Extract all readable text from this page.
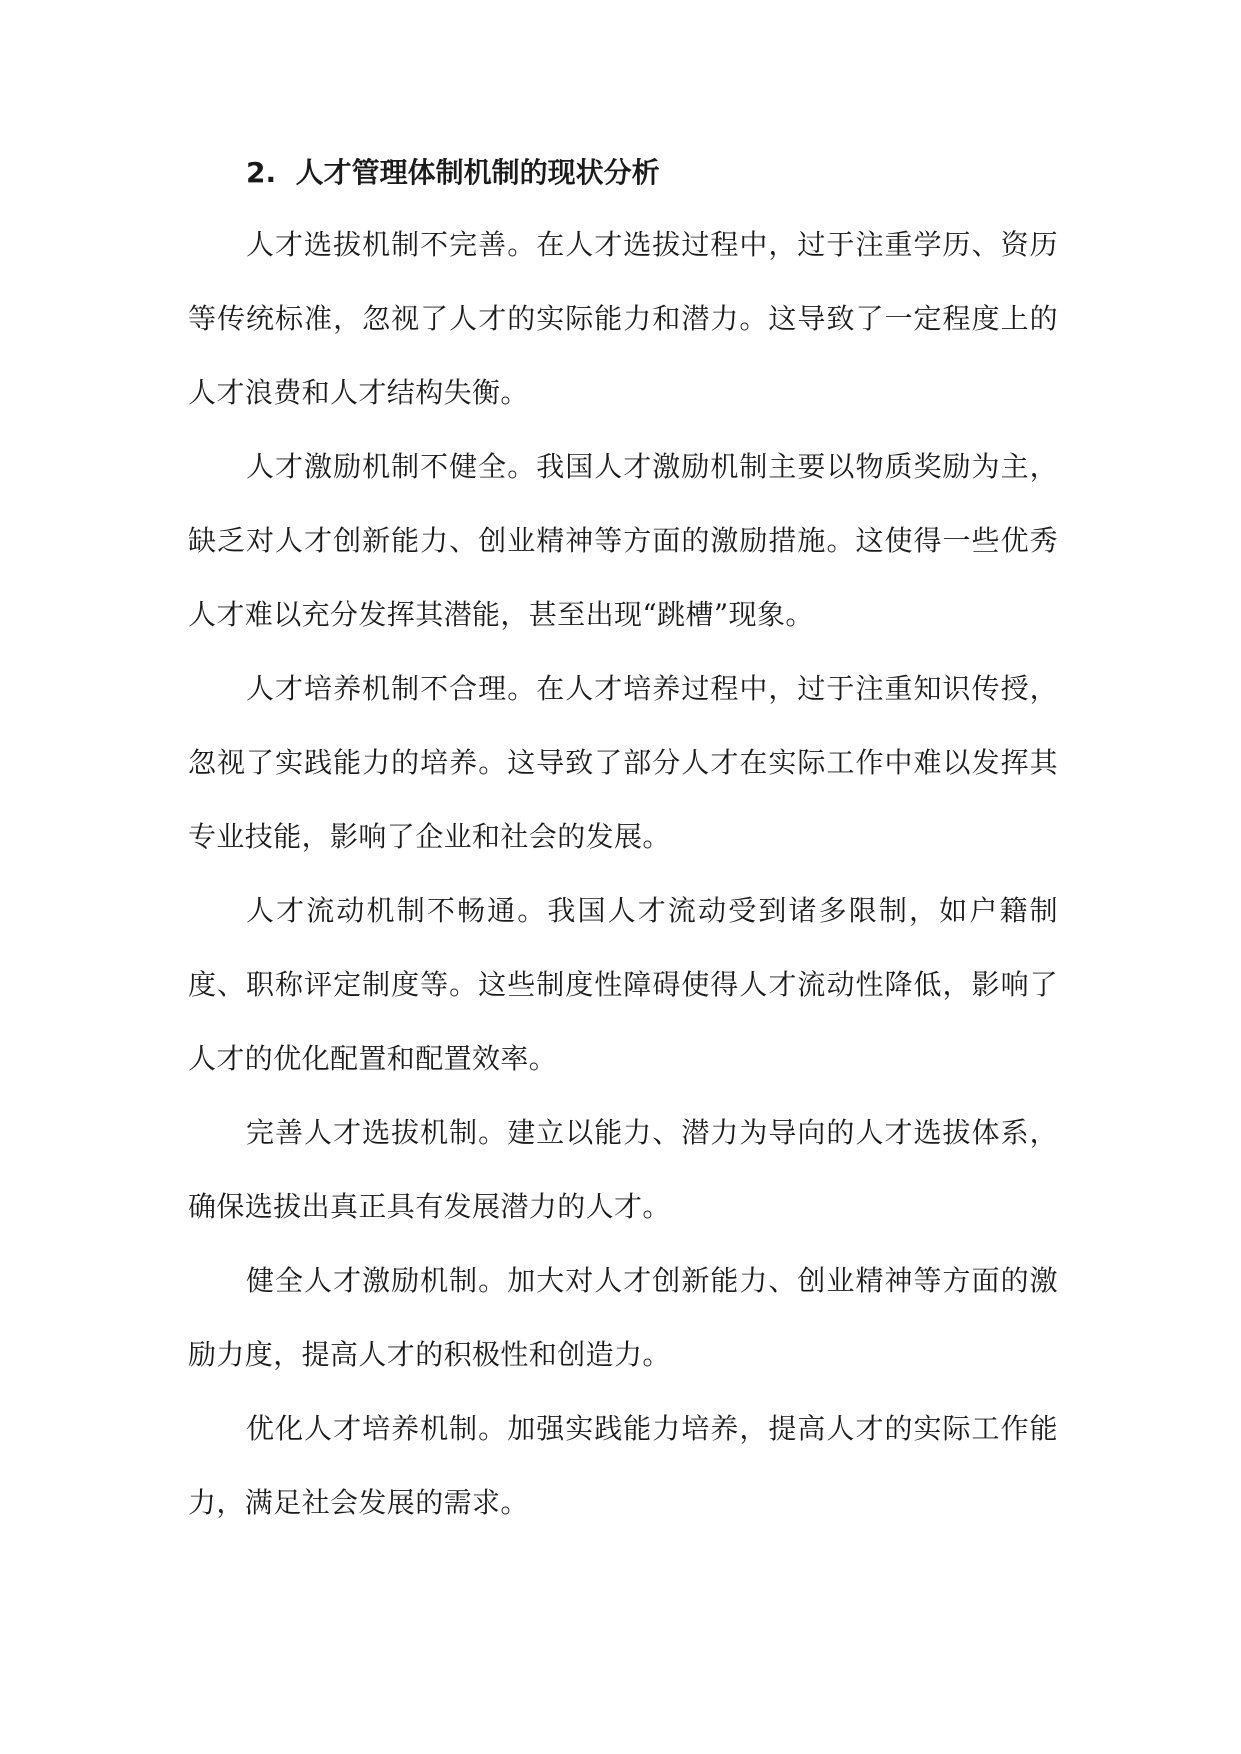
2. 人才管理体制机制的现状分析

人才选拔机制不完善。在人才选拔过程中，过于注重学历、资历等传统标准，忽视了人才的实际能力和潜力。这导致了一定程度上的人才浪费和人才结构失衡。

人才激励机制不健全。我国人才激励机制主要以物质奖励为主，缺乏对人才创新能力、创业精神等方面的激励措施。这使得一些优秀人才难以充分发挥其潜能，甚至出现“跳槽”现象。

人才培养机制不合理。在人才培养过程中，过于注重知识传授，忽视了实践能力的培养。这导致了部分人才在实际工作中难以发挥其专业技能，影响了企业和社会的发展。

人才流动机制不畅通。我国人才流动受到诸多限制，如户籍制度、职称评定制度等。这些制度性障碍使得人才流动性降低，影响了人才的优化配置和配置效率。

完善人才选拔机制。建立以能力、潜力为导向的人才选拔体系，确保选拔出真正具有发展潜力的人才。

健全人才激励机制。加大对人才创新能力、创业精神等方面的激励力度，提高人才的积极性和创造力。

优化人才培养机制。加强实践能力培养，提高人才的实际工作能力，满足社会发展的需求。
